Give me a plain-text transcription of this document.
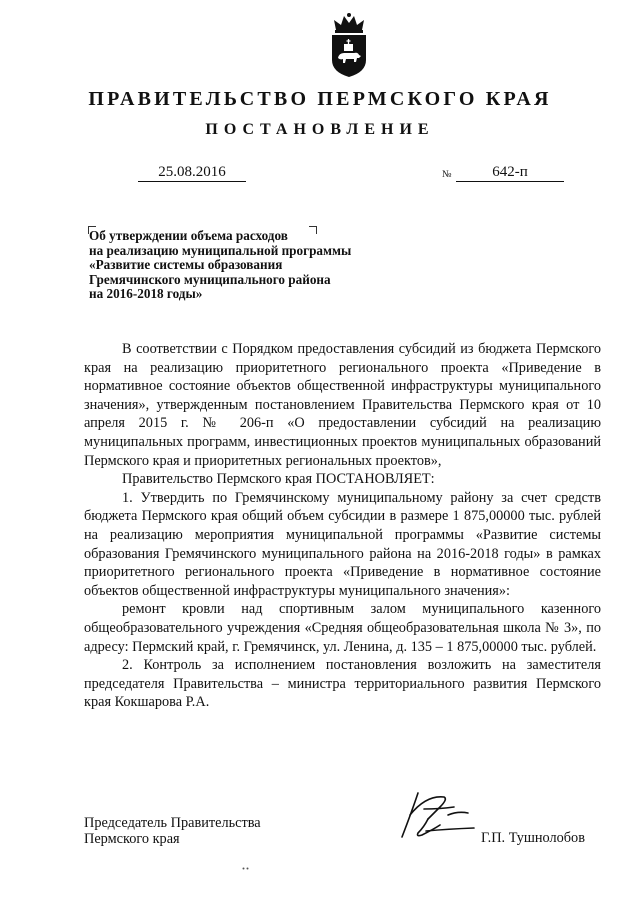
ПРАВИТЕЛЬСТВО ПЕРМСКОГО КРАЯ
ПОСТАНОВЛЕНИЕ
25.08.2016	№	642-п
Об утверждении объема расходов
на реализацию муниципальной программы
«Развитие системы образования
Гремячинского муниципального района
на 2016-2018 годы»

В соответствии с Порядком предоставления субсидий из бюджета Пермского края на реализацию приоритетного регионального проекта «Приведение в нормативное состояние объектов общественной инфраструктуры муниципального значения», утвержденным постановлением Правительства Пермского края от 10 апреля 2015 г. № 206-п «О предоставлении субсидий на реализацию муниципальных программ, инвестиционных проектов муниципальных образований Пермского края и приоритетных региональных проектов»,

Правительство Пермского края ПОСТАНОВЛЯЕТ:

1. Утвердить по Гремячинскому муниципальному району за счет средств бюджета Пермского края общий объем субсидии в размере 1 875,00000 тыс. рублей на реализацию мероприятия муниципальной программы «Развитие системы образования Гремячинского муниципального района на 2016-2018 годы» в рамках приоритетного регионального проекта «Приведение в нормативное состояние объектов общественной инфраструктуры муниципального значения»:

ремонт кровли над спортивным залом муниципального казенного общеобразовательного учреждения «Средняя общеобразовательная школа № 3», по адресу: Пермский край, г. Гремячинск, ул. Ленина, д. 135 – 1 875,00000 тыс. рублей.

2. Контроль за исполнением постановления возложить на заместителя председателя Правительства – министра территориального развития Пермского края Кокшарова Р.А.

Председатель Правительства
Пермского края	Г.П. Тушнолобов
